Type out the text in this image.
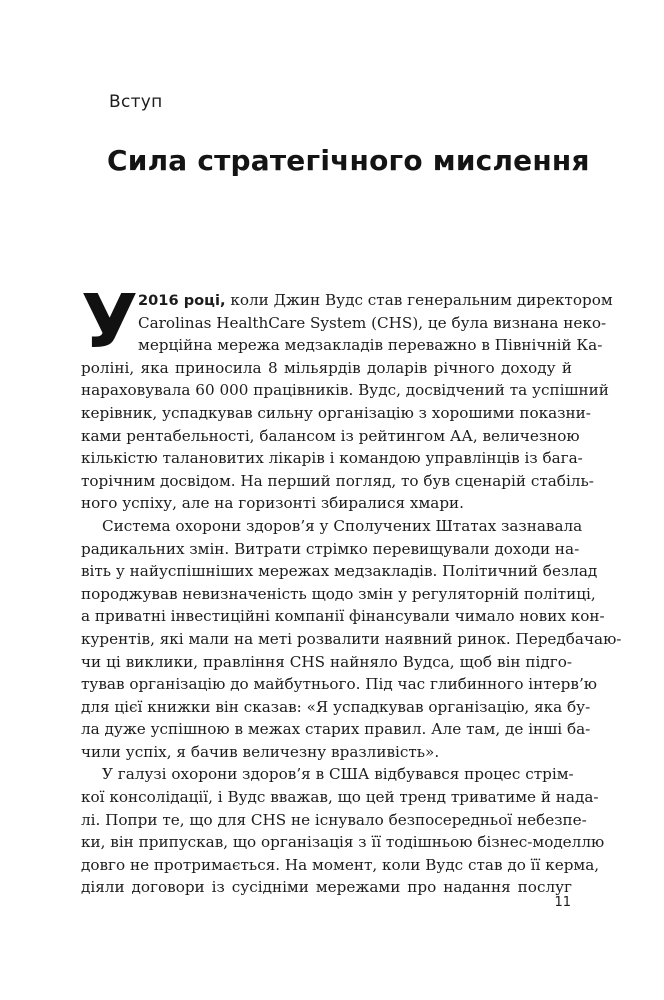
Вступ
Сила стратегічного мислення
У 2016 році, коли Джин Вудс став генеральним директором
Carolinas HealthCare System (CHS), це була визнана неко-
мерційна мережа медзакладів переважно в Північній Ка-
роліні, яка приносила 8 мільярдів доларів річного доходу й
нараховувала 60 000 працівників. Вудс, досвідчений та успішний
керівник, успадкував сильну організацію з хорошими показни-
ками рентабельності, балансом із рейтингом АА, величезною
кількістю талановитих лікарів і командою управлінців із бага-
торічним досвідом. На перший погляд, то був сценарій стабіль-
ного успіху, але на горизонті збиралися хмари.
Система охорони здоров’я у Сполучених Штатах зазнавала
радикальних змін. Витрати стрімко перевищували доходи на-
віть у найуспішніших мережах медзакладів. Політичний безлад
породжував невизначеність щодо змін у регуляторній політиці,
а приватні інвестиційні компанії фінансували чимало нових кон-
курентів, які мали на меті розвалити наявний ринок. Передбачаю-
чи ці виклики, правління CHS найняло Вудса, щоб він підго-
тував організацію до майбутнього. Під час глибинного інтерв’ю
для цієї книжки він сказав: «Я успадкував організацію, яка бу-
ла дуже успішною в межах старих правил. Але там, де інші ба-
чили успіх, я бачив величезну вразливість».
У галузі охорони здоров’я в США відбувався процес стрім-
кої консолідації, і Вудс вважав, що цей тренд триватиме й нада-
лі. Попри те, що для CHS не існувало безпосередньої небезпе-
ки, він припускав, що організація з її тодішньою бізнес-моделлю
довго не протримається. На момент, коли Вудс став до її керма,
діяли договори із сусідніми мережами про надання послуг
11
